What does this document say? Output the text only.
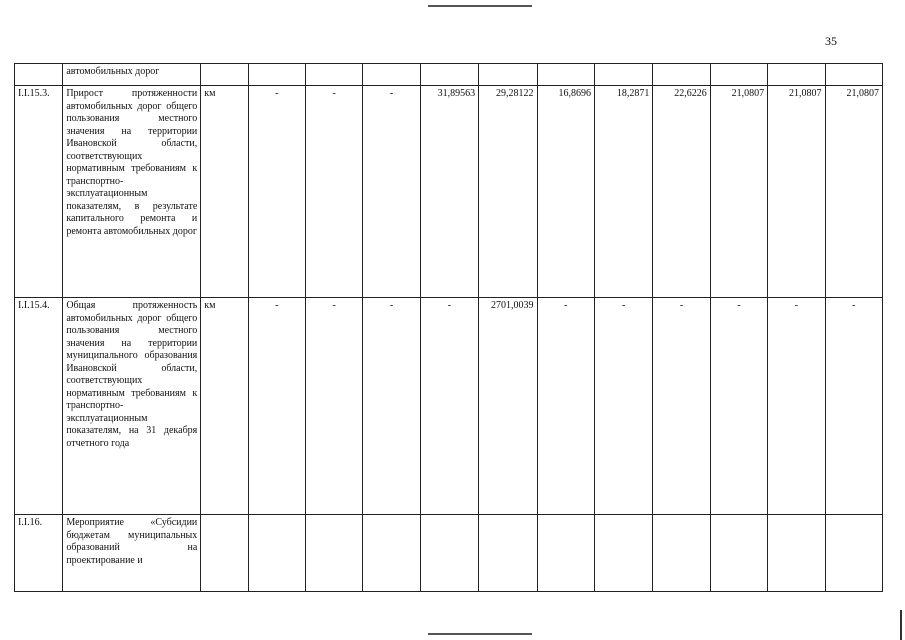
35
	автомобильных дорог												
I.I.15.3.	Прирост протяженности автомобильных дорог общего пользования местного значения на территории Ивановской области, соответствующих нормативным требованиям к транспортно-эксплуатационным показателям, в результате капитального ремонта и ремонта автомобильных дорог	км	-	-	-	31,89563	29,28122	16,8696	18,2871	22,6226	21,0807	21,0807	21,0807
I.I.15.4.	Общая протяженность автомобильных дорог общего пользования местного значения на территории муниципального образования Ивановской области, соответствующих нормативным требованиям к транспортно-эксплуатационным показателям, на 31 декабря отчетного года	км	-	-	-	-	2701,0039	-	-	-	-	-	-
I.I.16.	Мероприятие «Субсидии бюджетам муниципальных образований на проектирование и												
